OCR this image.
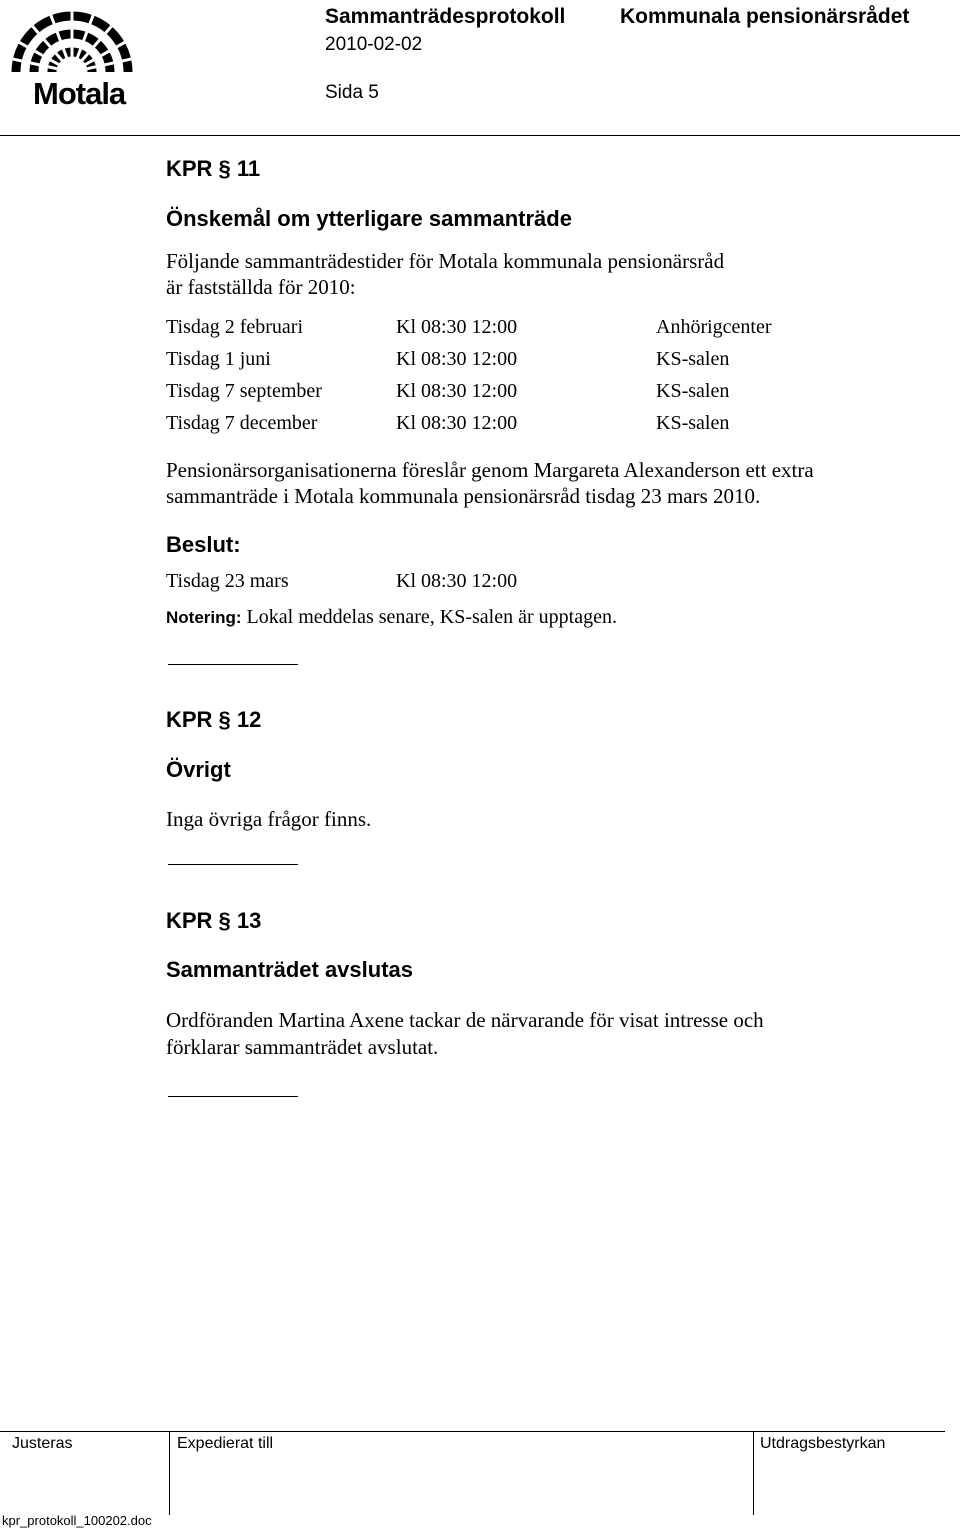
Motala
Sammanträdesprotokoll	Kommunala pensionärsrådet
2010-02-02
Sida 5
KPR § 11
Önskemål om ytterligare sammanträde
Följande sammanträdestider för Motala kommunala pensionärsråd
är fastställda för 2010:
Tisdag 2 februari	Kl 08:30 12:00	Anhörigcenter
Tisdag 1 juni	Kl 08:30 12:00	KS-salen
Tisdag 7 september	Kl 08:30 12:00	KS-salen
Tisdag 7 december	Kl 08:30 12:00	KS-salen
Pensionärsorganisationerna föreslår genom Margareta Alexanderson ett extra
sammanträde i Motala kommunala pensionärsråd tisdag 23 mars 2010.
Beslut:
Tisdag 23 mars	Kl 08:30 12:00
Notering: Lokal meddelas senare, KS-salen är upptagen.
KPR § 12
Övrigt
Inga övriga frågor finns.
KPR § 13
Sammanträdet avslutas
Ordföranden Martina Axene tackar de närvarande för visat intresse och
förklarar sammanträdet avslutat.
Justeras	Expedierat till	Utdragsbestyrkan
kpr_protokoll_100202.doc
